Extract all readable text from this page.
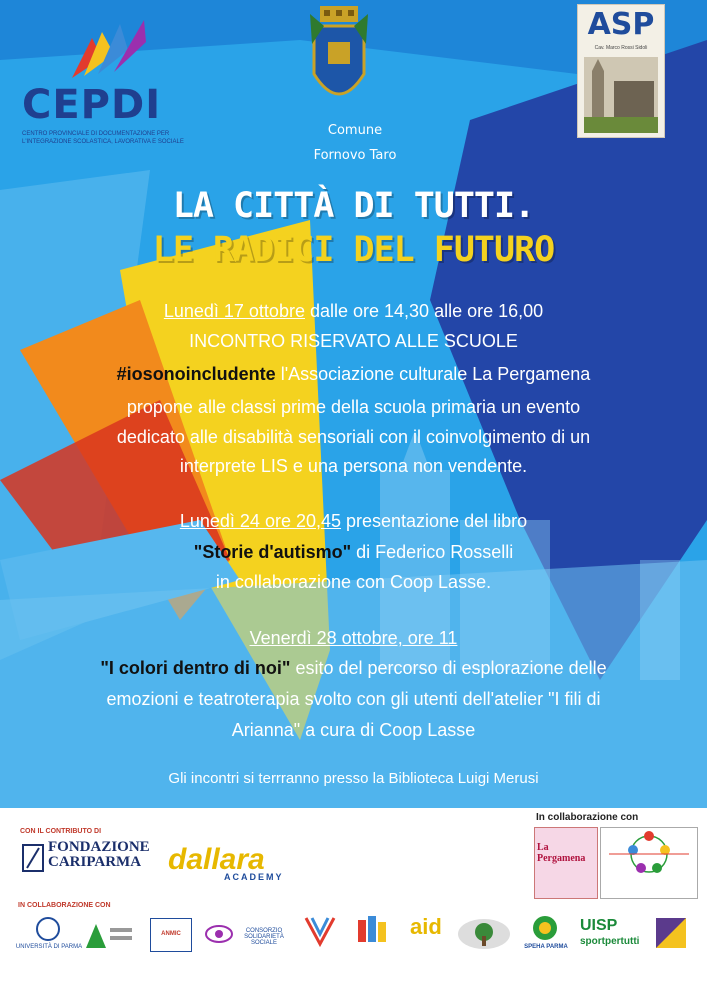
CEPDI
CENTRO PROVINCIALE DI DOCUMENTAZIONE PER L'INTEGRAZIONE SCOLASTICA, LAVORATIVA E SOCIALE
Comune
Fornovo Taro
ASP
Cav. Marco Rossi Sidoli
LA CITTÀ DI TUTTI.
LE RADICI DEL FUTURO
Lunedì 17 ottobre dalle ore 14,30 alle ore 16,00
INCONTRO RISERVATO ALLE SCUOLE
#iosonoincludente l'Associazione culturale La Pergamena
propone alle classi prime della scuola primaria un evento
dedicato alle disabilità sensoriali con il coinvolgimento di un
interprete LIS e una persona non vendente.
Lunedì 24 ore 20,45 presentazione del libro
"Storie d'autismo" di Federico Rosselli
in collaborazione con Coop Lasse.
Venerdì 28 ottobre, ore 11
"I colori dentro di noi" esito del percorso di esplorazione delle
emozioni e teatroterapia svolto con gli utenti dell'atelier "I fili di
Arianna" a cura di Coop Lasse
Gli incontri si terrranno presso la Biblioteca Luigi Merusi
CON IL CONTRIBUTO DI
FONDAZIONE
CARIPARMA dallara
ACADEMY
In collaborazione con
La Pergamena
IN COLLABORAZIONE CON
UNIVERSITÀ DI PARMA
ANMIC	CONSORZIO SOLIDARIETÀ SOCIALE
aid
SPEHA PARMA
UISP
sportpertutti
